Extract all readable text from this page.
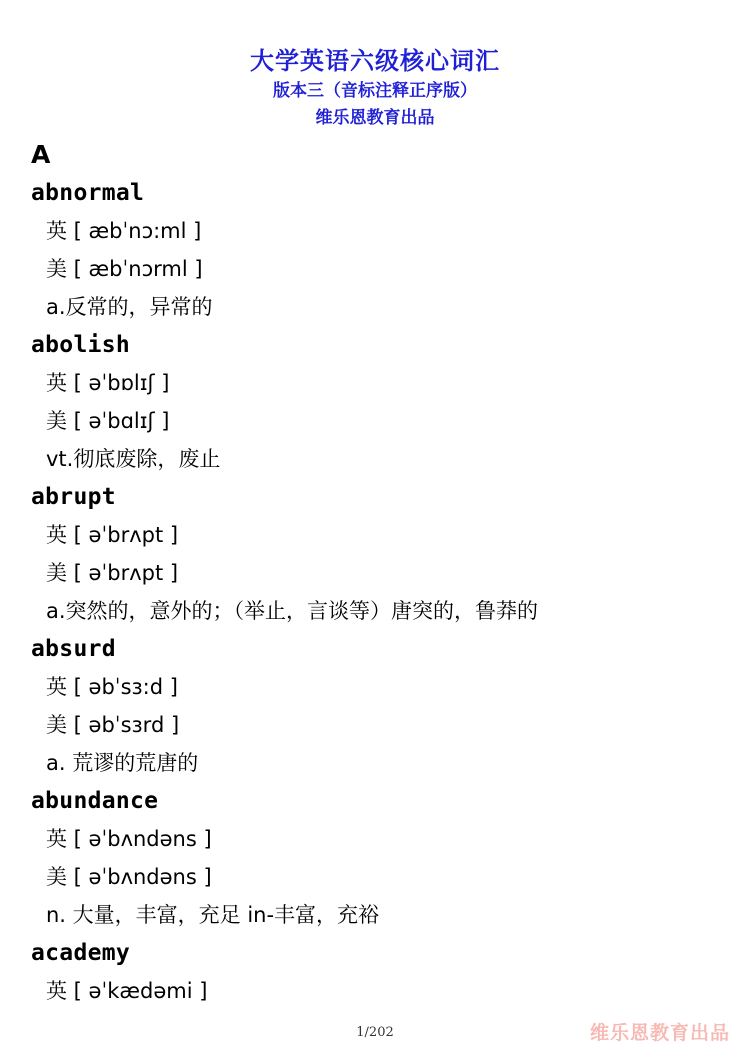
大学英语六级核心词汇
版本三（音标注释正序版）
维乐恩教育出品
A
abnormal
英 [ æbˈnɔ:ml ]
美 [ æbˈnɔrml ]
a.反常的，异常的
abolish
英 [ əˈbɒlɪʃ ]
美 [ əˈbɑlɪʃ ]
vt.彻底废除，废止
abrupt
英 [ əˈbrʌpt ]
美 [ əˈbrʌpt ]
a.突然的，意外的；（举止，言谈等）唐突的，鲁莽的
absurd
英 [ əbˈsɜ:d ]
美 [ əbˈsɜrd ]
a. 荒谬的荒唐的
abundance
英 [ əˈbʌndəns ]
美 [ əˈbʌndəns ]
n. 大量，丰富，充足 in-丰富，充裕
academy
英 [ əˈkædəmi ]
1/202	维乐恩教育出品
